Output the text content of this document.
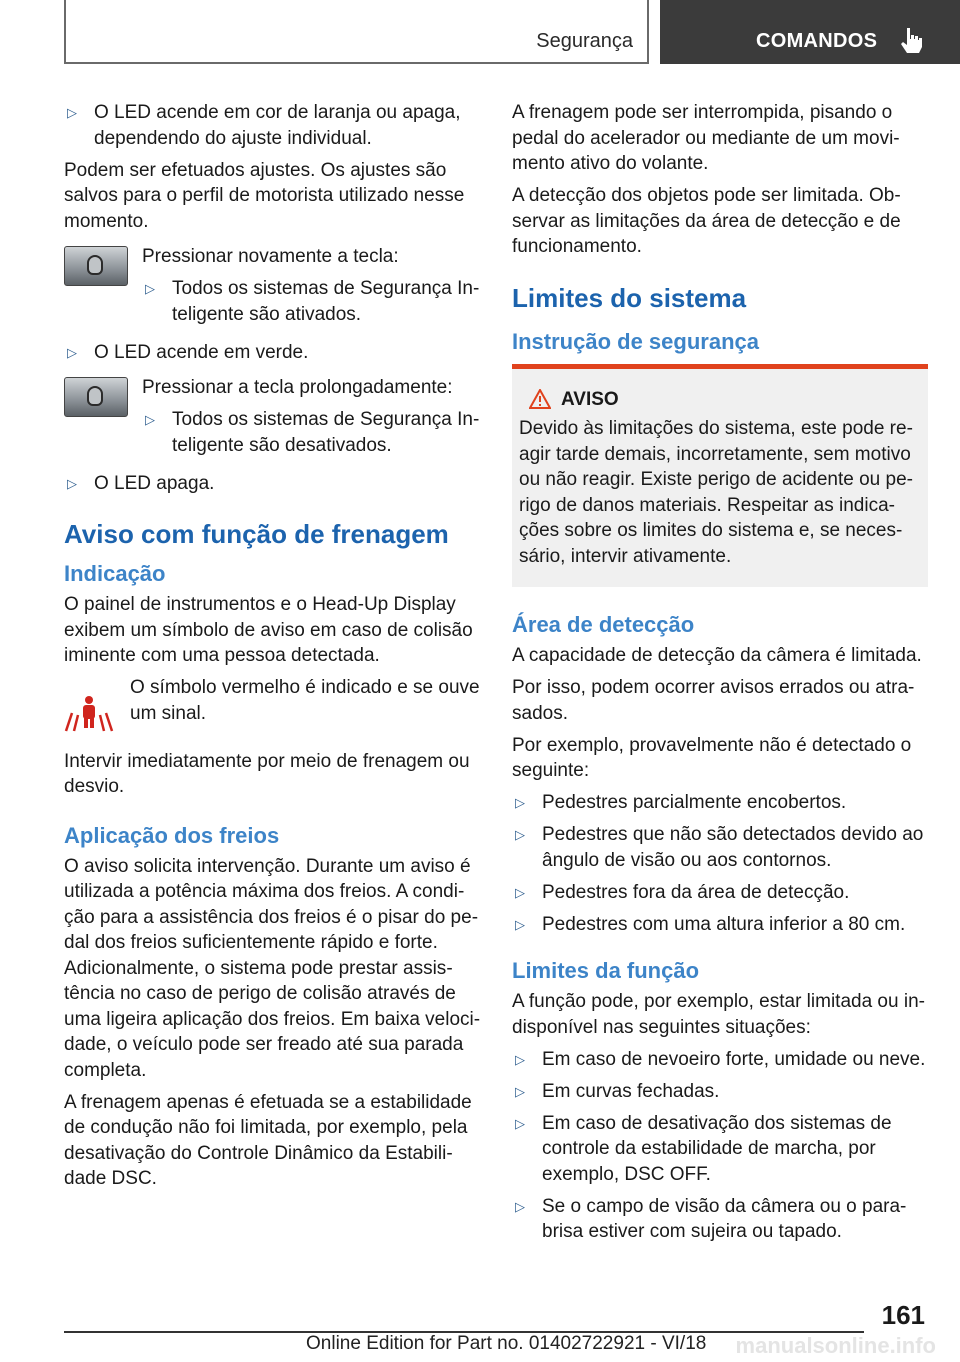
Segurança	COMANDOS
▷ O LED acende em cor de laranja ou apaga, dependendo do ajuste individual.

Podem ser efetuados ajustes. Os ajustes são salvos para o perfil de motorista utilizado nesse momento.

Pressionar novamente a tecla:

▷ Todos os sistemas de Segurança Inteligente são ativados.
▷ O LED acende em verde.

Pressionar a tecla prolongadamente:

▷ Todos os sistemas de Segurança Inteligente são desativados.
▷ O LED apaga.
Aviso com função de frenagem
Indicação

O painel de instrumentos e o Head-Up Display exibem um símbolo de aviso em caso de colisão iminente com uma pessoa detectada.

O símbolo vermelho é indicado e se ouve um sinal.

Intervir imediatamente por meio de frenagem ou desvio.

Aplicação dos freios

O aviso solicita intervenção. Durante um aviso é utilizada a potência máxima dos freios. A condição para a assistência dos freios é o pisar do pedal dos freios suficientemente rápido e forte. Adicionalmente, o sistema pode prestar assistência no caso de perigo de colisão através de uma ligeira aplicação dos freios. Em baixa velocidade, o veículo pode ser freado até sua parada completa.

A frenagem apenas é efetuada se a estabilidade de condução não foi limitada, por exemplo, pela desativação do Controle Dinâmico da Estabilidade DSC.

A frenagem pode ser interrompida, pisando o pedal do acelerador ou mediante de um movimento ativo do volante.

A detecção dos objetos pode ser limitada. Observar as limitações da área de detecção e de funcionamento.

Limites do sistema
Instrução de segurança
AVISO
Devido às limitações do sistema, este pode reagir tarde demais, incorretamente, sem motivo ou não reagir. Existe perigo de acidente ou perigo de danos materiais. Respeitar as indicações sobre os limites do sistema e, se necessário, intervir ativamente.
Área de detecção

A capacidade de detecção da câmera é limitada.

Por isso, podem ocorrer avisos errados ou atrasados.

Por exemplo, provavelmente não é detectado o seguinte:

▷ Pedestres parcialmente encobertos.
▷ Pedestres que não são detectados devido ao ângulo de visão ou aos contornos.
▷ Pedestres fora da área de detecção.
▷ Pedestres com uma altura inferior a 80 cm.
Limites da função

A função pode, por exemplo, estar limitada ou indisponível nas seguintes situações:

▷ Em caso de nevoeiro forte, umidade ou neve.
▷ Em curvas fechadas.
▷ Em caso de desativação dos sistemas de controle da estabilidade de marcha, por exemplo, DSC OFF.
▷ Se o campo de visão da câmera ou o para-brisa estiver com sujeira ou tapado.
161
Online Edition for Part no. 01402722921 - VI/18 manualsonline.info
